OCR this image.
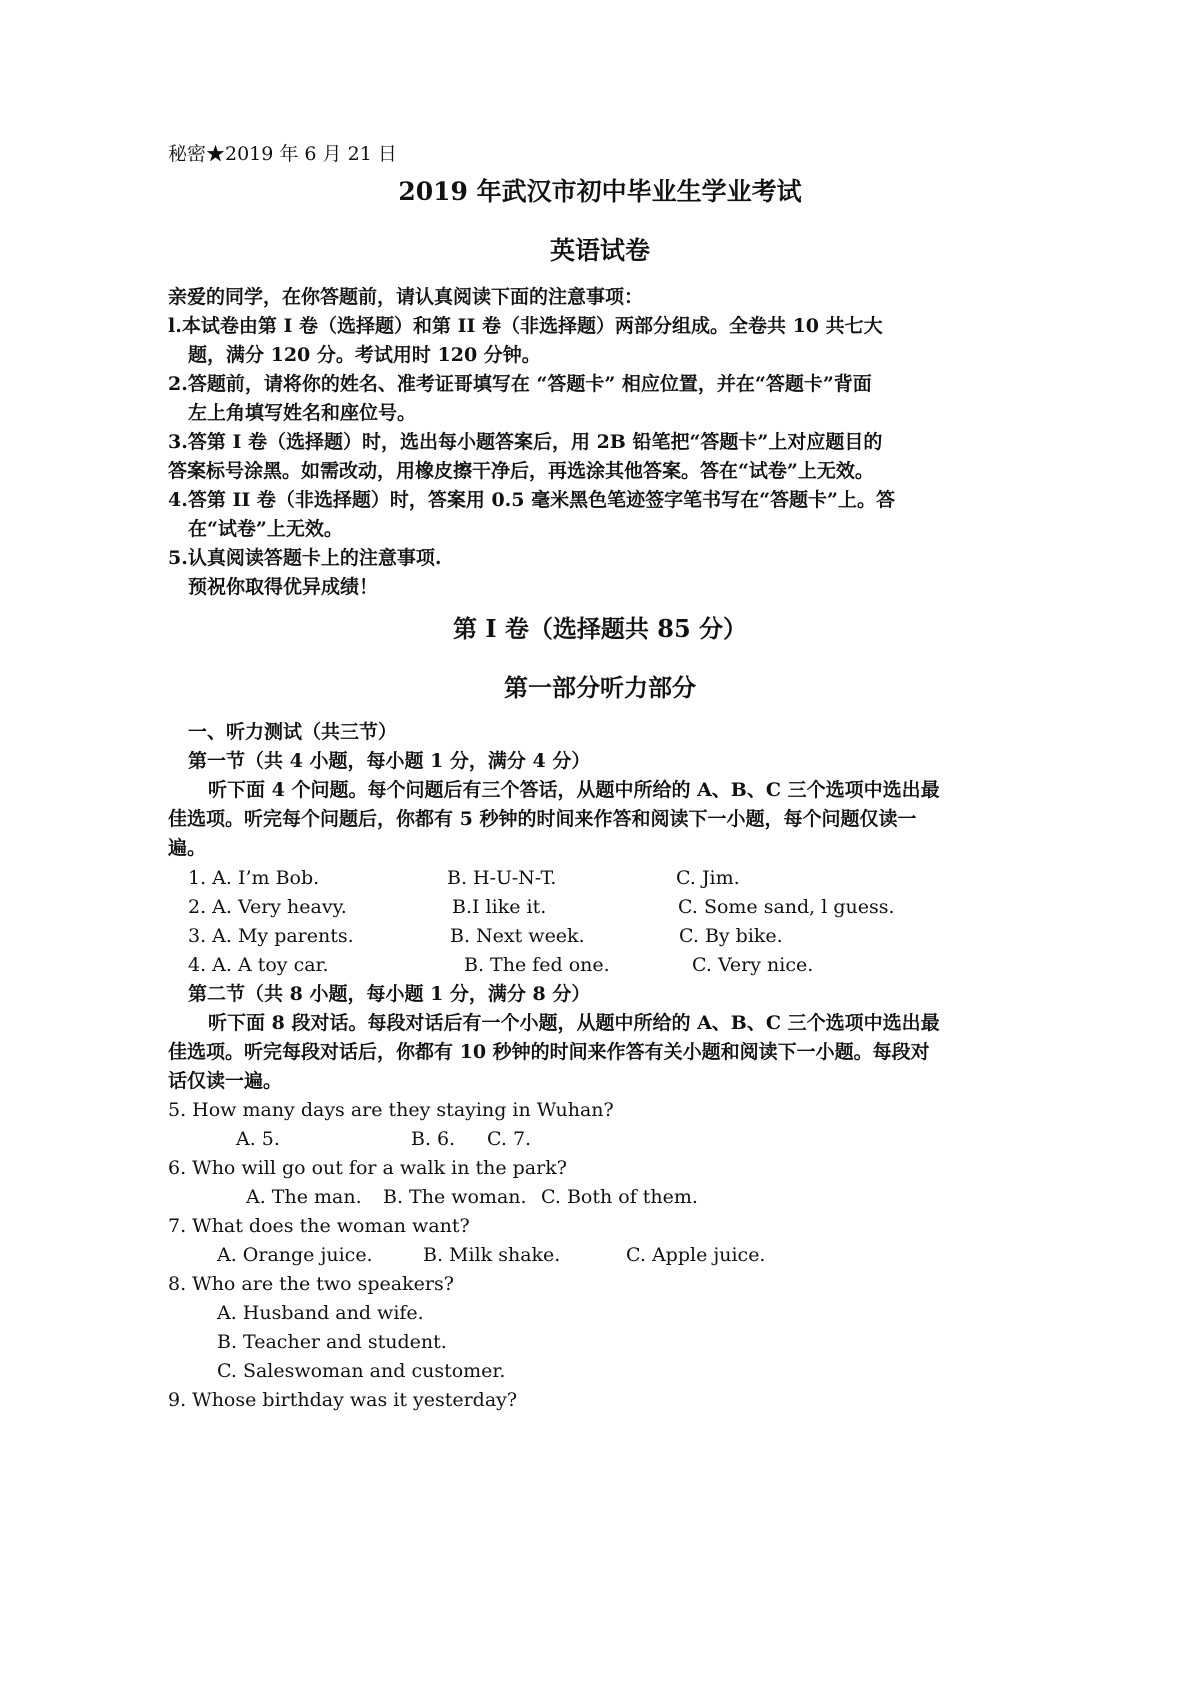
秘密★2019 年 6 月 21 日
2019 年武汉市初中毕业生学业考试
英语试卷
亲爱的同学，在你答题前，请认真阅读下面的注意事项：
l.本试卷由第 I 卷（选择题）和第 II 卷（非选择题）两部分组成。全卷共 10 共七大
题，满分 120 分。考试用时 120 分钟。
2.答题前，请将你的姓名、准考证哥填写在 “答题卡” 相应位置，并在“答题卡”背面
左上角填写姓名和座位号。
3.答第 I 卷（选择题）时，选出每小题答案后，用 2B 铅笔把“答题卡”上对应题目的
答案标号涂黑。如需改动，用橡皮擦干净后，再选涂其他答案。答在“试卷”上无效。
4.答第 II 卷（非选择题）时，答案用 0.5 毫米黑色笔迹签字笔书写在“答题卡”上。答
在“试卷”上无效。
5.认真阅读答题卡上的注意事项.
预祝你取得优异成绩！
第 I 卷（选择题共 85 分）
第一部分听力部分
一、听力测试（共三节）
第一节（共 4 小题，每小题 1 分，满分 4 分）
听下面 4 个问题。每个问题后有三个答话，从题中所给的 A、B、C 三个选项中选出最
佳选项。听完每个问题后，你都有 5 秒钟的时间来作答和阅读下一小题，每个问题仅读一
遍。
1. A. I’m Bob.	B. H-U-N-T.	C. Jim.
2. A. Very heavy.	B.I like it.	C. Some sand, l guess.
3. A. My parents.	B. Next week.	C. By bike.
4. A. A toy car.	B. The fed one.	C. Very nice.
第二节（共 8 小题，每小题 1 分，满分 8 分）
听下面 8 段对话。每段对话后有一个小题，从题中所给的 A、B、C 三个选项中选出最
佳选项。听完每段对话后，你都有 10 秒钟的时间来作答有关小题和阅读下一小题。每段对
话仅读一遍。
5. How many days are they staying in Wuhan?
A. 5.	B. 6. C. 7.
6. Who will go out for a walk in the park?
A. The man. B. The woman. C. Both of them.
7. What does the woman want?
A. Orange juice.	B. Milk shake.	C. Apple juice.
8. Who are the two speakers?
A. Husband and wife.
B. Teacher and student.
C. Saleswoman and customer.
9. Whose birthday was it yesterday?
